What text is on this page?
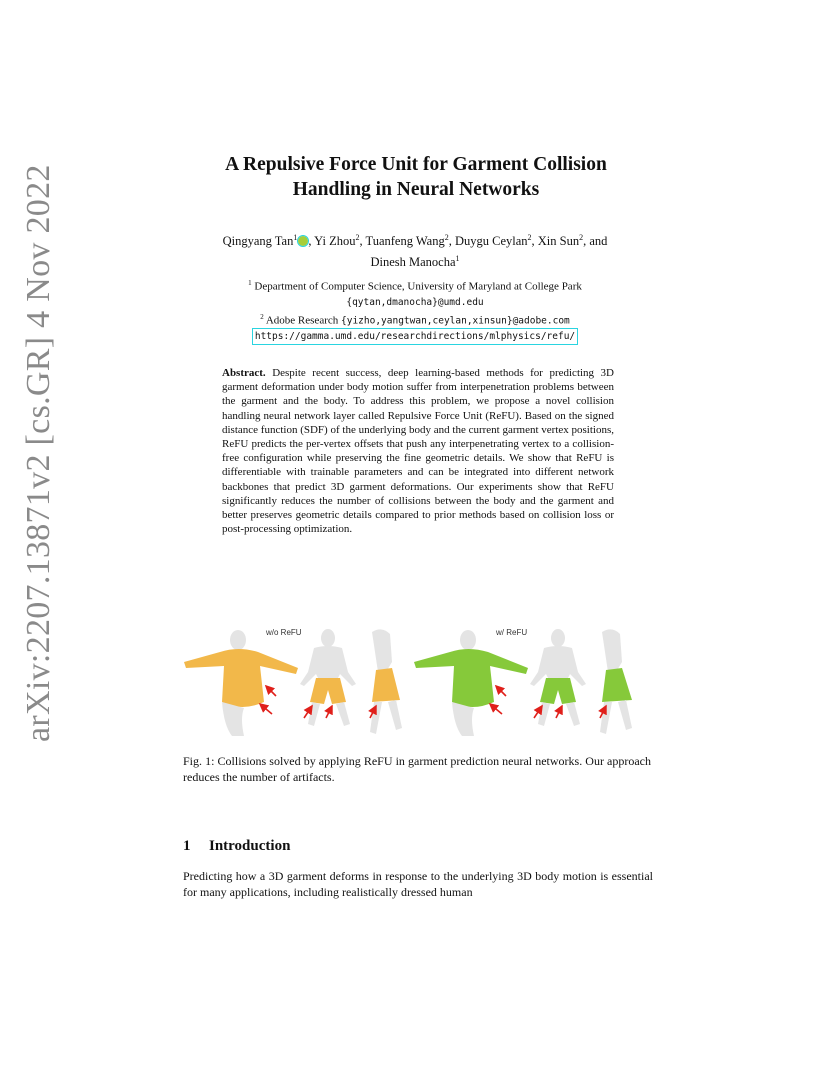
arXiv:2207.13871v2 [cs.GR] 4 Nov 2022	A Repulsive Force Unit for Garment Collision
Handling in Neural Networks
Qingyang Tan$^1$ , Yi Zhou$^2$, Tuanfeng Wang$^2$, Duygu Ceylan$^2$, Xin Sun$^2$, and
Dinesh Manocha$^1$
$^1$ Department of Computer Science, University of Maryland at College Park
{qytan,dmanocha}@umd.edu
$^2$ Adobe Research {yizho,yangtwan,ceylan,xinsun}@adobe.com
https://gamma.umd.edu/researchdirections/mlphysics/refu/
Abstract. Despite recent success, deep learning-based methods for predicting 3D garment deformation under body motion suffer from interpenetration problems between the garment and the body. To address this problem, we propose a novel collision handling neural network layer called Repulsive Force Unit (ReFU). Based on the signed distance function (SDF) of the underlying body and the current garment vertex positions, ReFU predicts the per-vertex offsets that push any interpenetrating vertex to a collision-free configuration while preserving the fine geometric details. We show that ReFU is differentiable with trainable parameters and can be integrated into different network backbones that predict 3D garment deformations. Our experiments show that ReFU significantly reduces the number of collisions between the body and the garment and better preserves geometric details compared to prior methods based on collision loss or post-processing optimization.
w/o ReFU	w/ ReFU
Fig. 1: Collisions solved by applying ReFU in garment prediction neural networks. Our approach reduces the number of artifacts.
1 Introduction
Predicting how a 3D garment deforms in response to the underlying 3D body motion is essential for many applications, including realistically dressed human
